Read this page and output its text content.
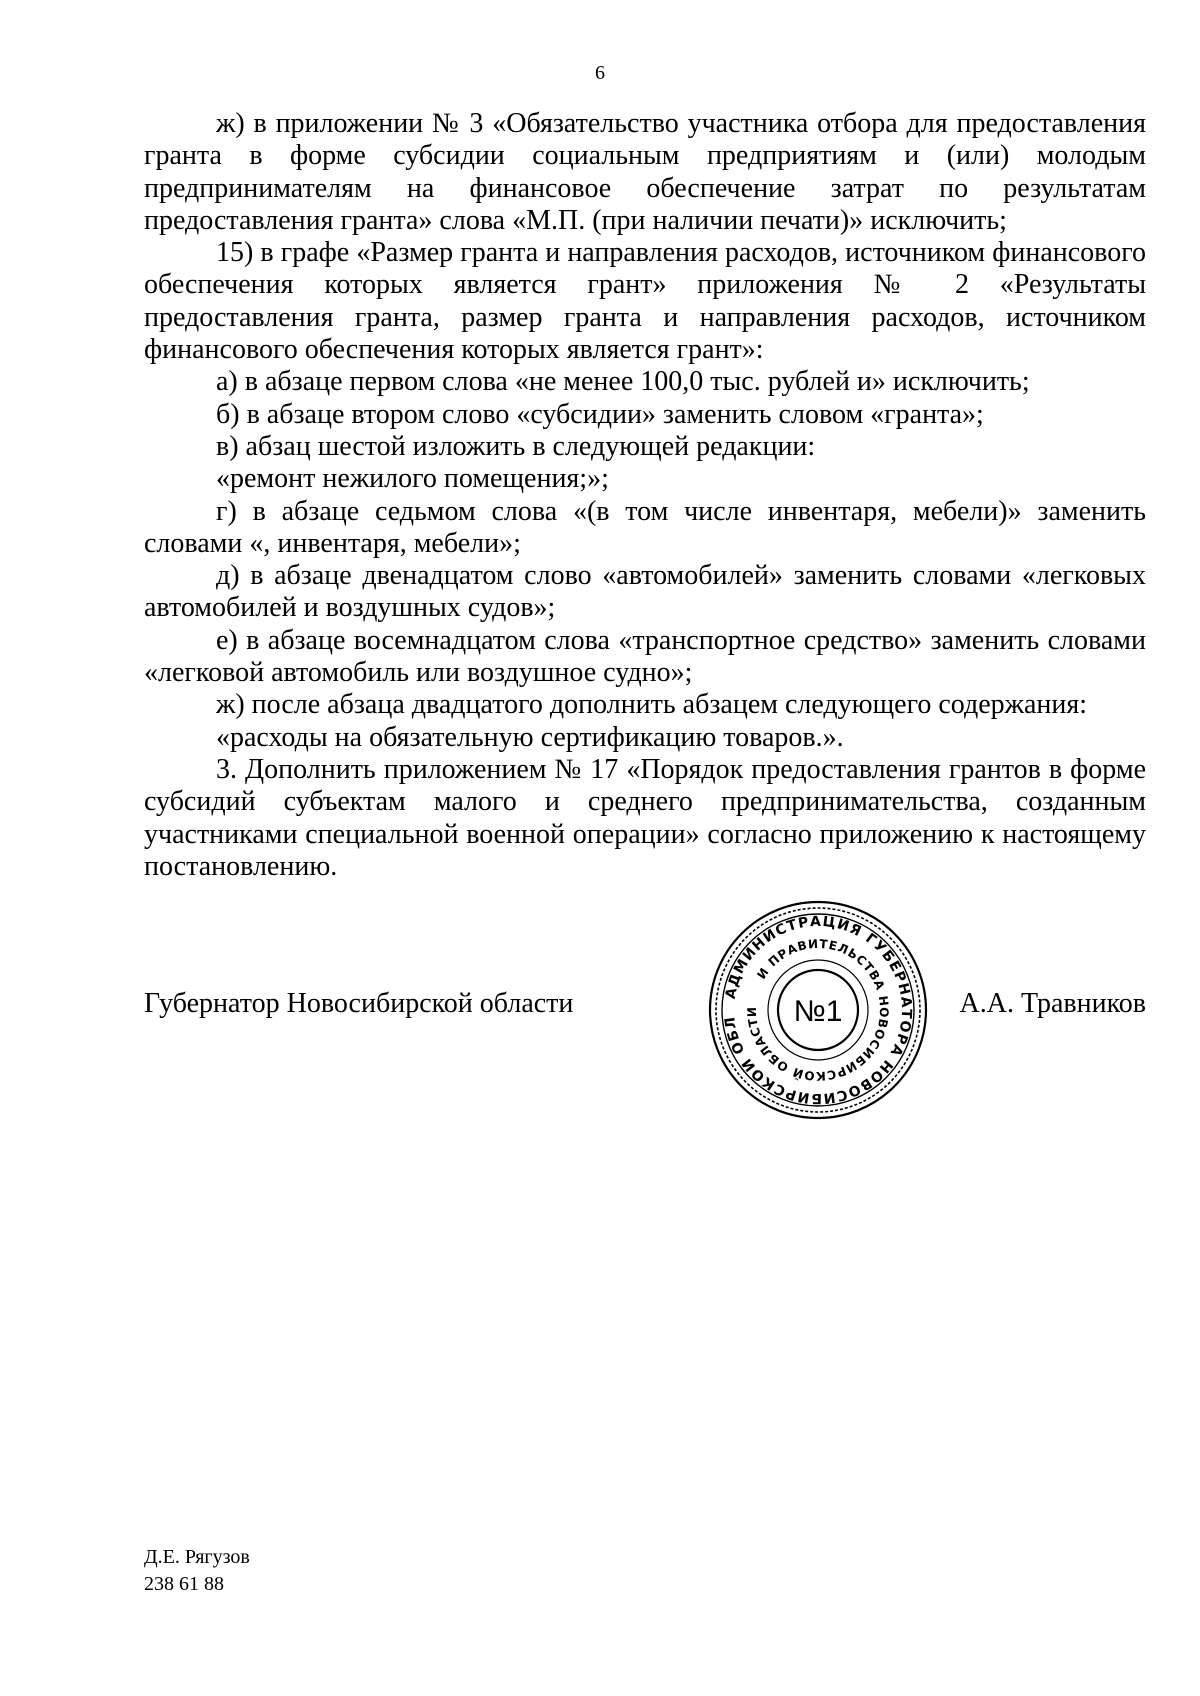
6

ж) в приложении № 3 «Обязательство участника отбора для предоставления гранта в форме субсидии социальным предприятиям и (или) молодым предпринимателям на финансовое обеспечение затрат по результатам предоставления гранта» слова «М.П. (при наличии печати)» исключить;

15) в графе «Размер гранта и направления расходов, источником финансового обеспечения которых является грант» приложения № 2 «Результаты предоставления гранта, размер гранта и направления расходов, источником финансового обеспечения которых является грант»:

а) в абзаце первом слова «не менее 100,0 тыс. рублей и» исключить;

б) в абзаце втором слово «субсидии» заменить словом «гранта»;

в) абзац шестой изложить в следующей редакции:

«ремонт нежилого помещения;»;

г) в абзаце седьмом слова «(в том числе инвентаря, мебели)» заменить словами «, инвентаря, мебели»;

д) в абзаце двенадцатом слово «автомобилей» заменить словами «легковых автомобилей и воздушных судов»;

е) в абзаце восемнадцатом слова «транспортное средство» заменить словами «легковой автомобиль или воздушное судно»;

ж) после абзаца двадцатого дополнить абзацем следующего содержания:

«расходы на обязательную сертификацию товаров.».

3. Дополнить приложением № 17 «Порядок предоставления грантов в форме субсидий субъектам малого и среднего предпринимательства, созданным участниками специальной военной операции» согласно приложению к настоящему постановлению.

АДМИНИСТРАЦИЯ ГУБЕРНАТОРА НОВОСИБИРСКОЙ ОБЛ
И ПРАВИТЕЛЬСТВА НОВОСИБИРСКОЙ ОБЛАСТИ	№1
Губернатор Новосибирской области	А.А. Травников
Д.Е. Рягузов
238 61 88
